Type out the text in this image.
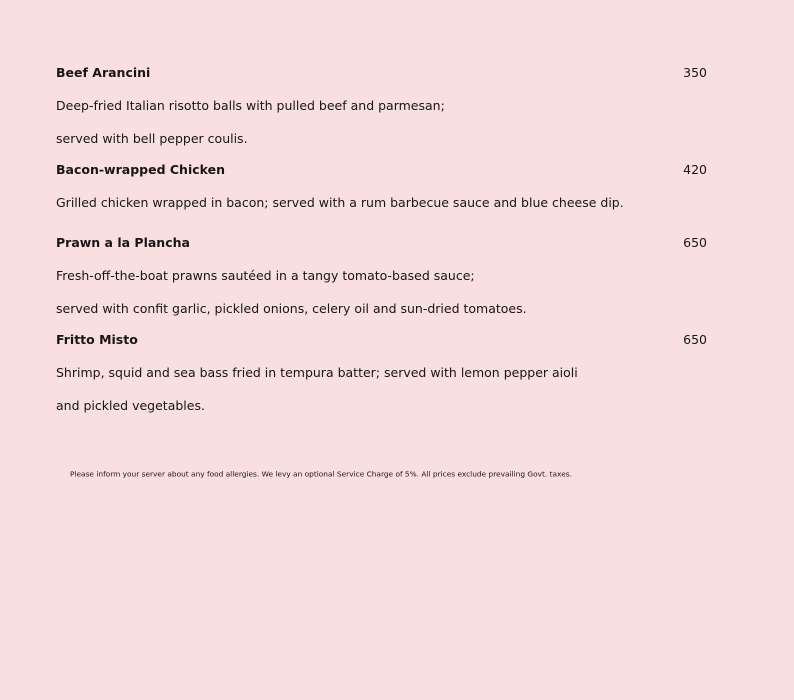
Beef Arancini	350
Deep-fried Italian risotto balls with pulled beef and parmesan;
served with bell pepper coulis.
Bacon-wrapped Chicken	420
Grilled chicken wrapped in bacon; served with a rum barbecue sauce and blue cheese dip.
Prawn a la Plancha	650
Fresh-off-the-boat prawns sautéed in a tangy tomato-based sauce;
served with confit garlic, pickled onions, celery oil and sun-dried tomatoes.
Fritto Misto	650
Shrimp, squid and sea bass fried in tempura batter; served with lemon pepper aioli
and pickled vegetables.
Please inform your server about any food allergies. We levy an optional Service Charge of 5%. All prices exclude prevailing Govt. taxes.
